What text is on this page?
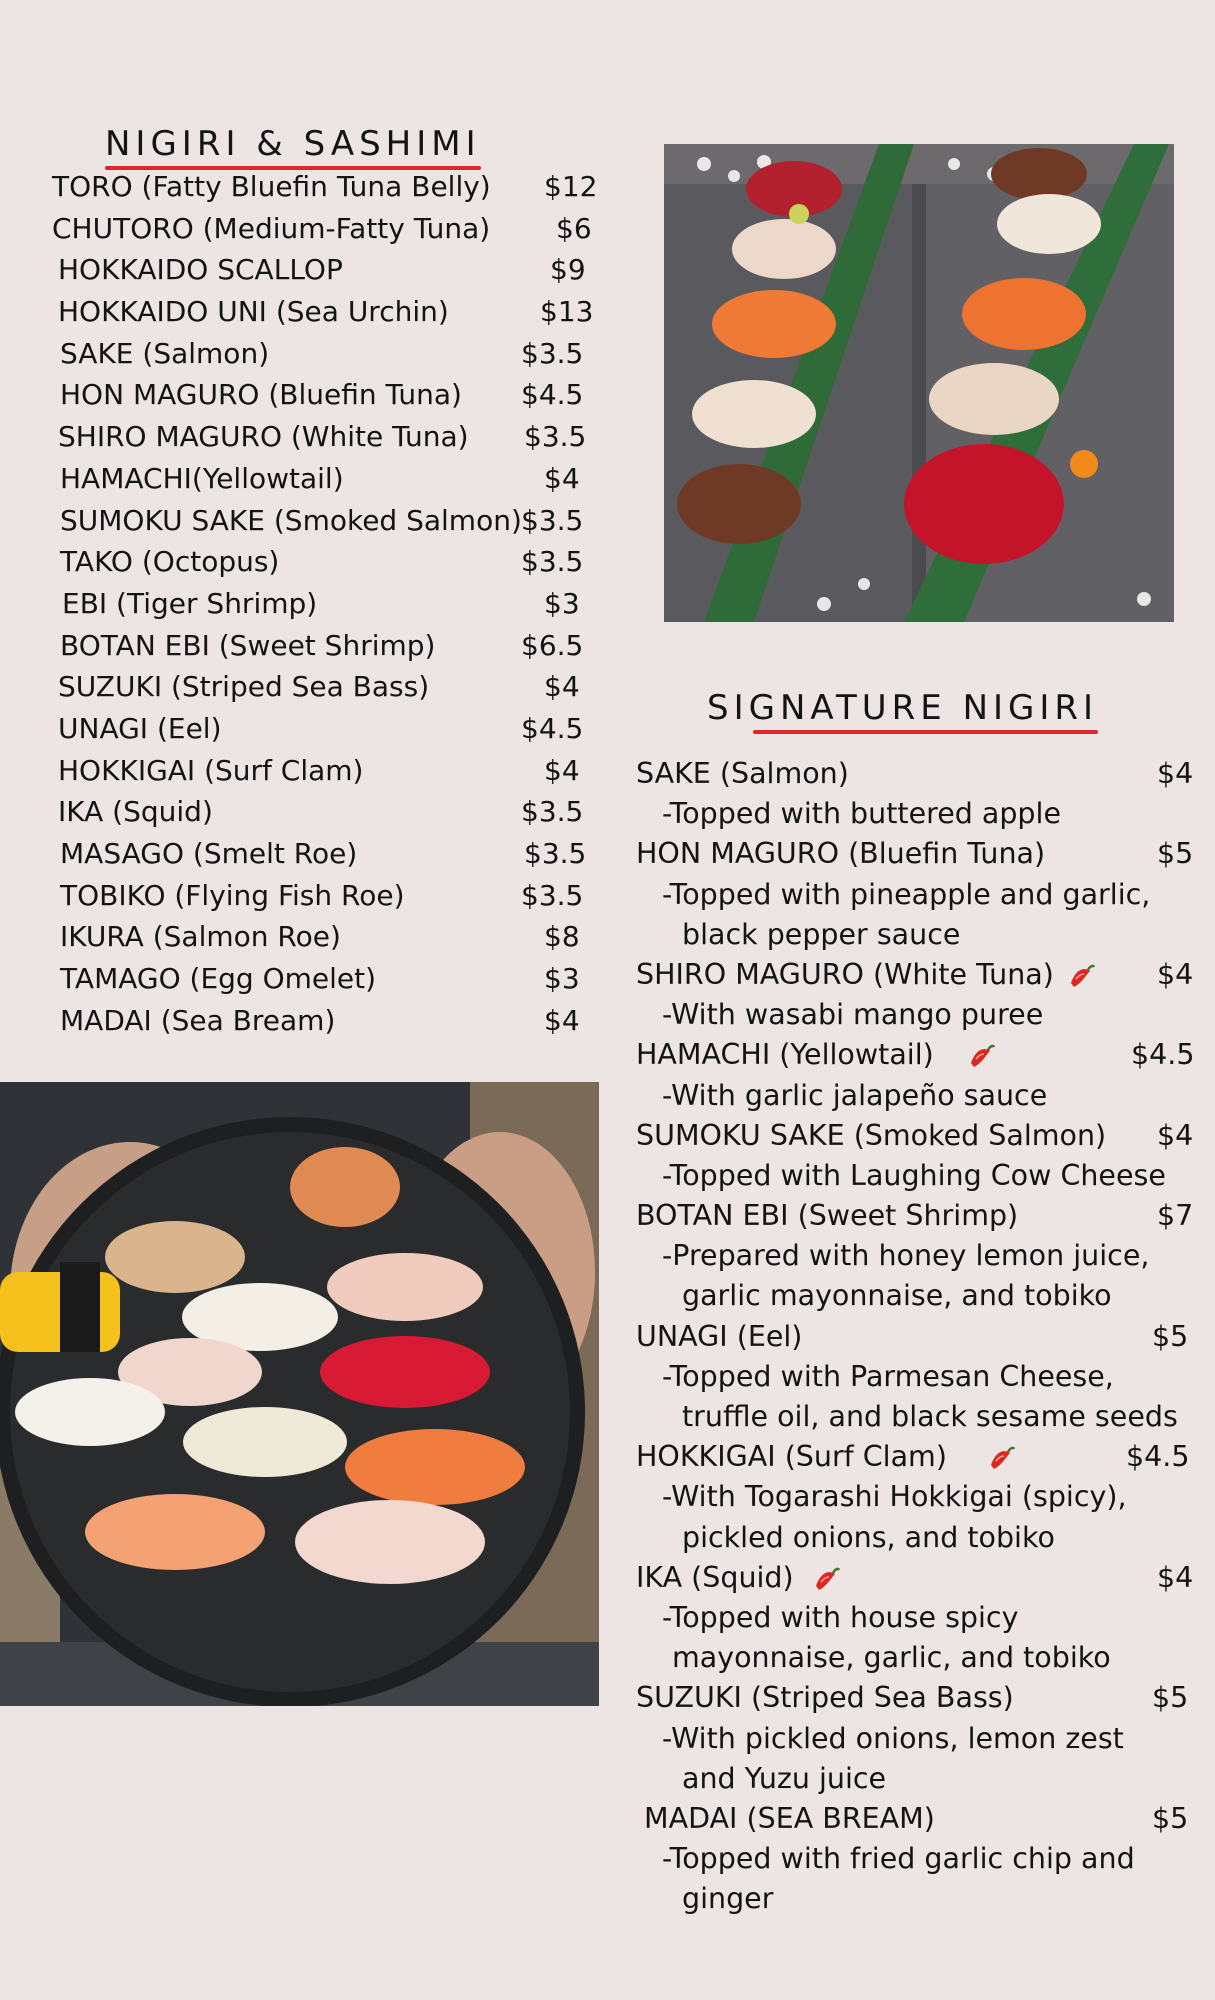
NIGIRI & SASHIMI
SIGNATURE NIGIRI
TORO (Fatty Bluefin Tuna Belly) $12
CHUTORO (Medium-Fatty Tuna) $6
HOKKAIDO SCALLOP	$9
HOKKAIDO UNI (Sea Urchin)	$13
SAKE (Salmon)	$3.5
HON MAGURO (Bluefin Tuna) $4.5
SHIRO MAGURO (White Tuna) $3.5
HAMACHI(Yellowtail)	$4
SUMOKU SAKE (Smoked Salmon) $3.5
TAKO (Octopus)	$3.5
EBI (Tiger Shrimp)	$3
BOTAN EBI (Sweet Shrimp)	$6.5
SUZUKI (Striped Sea Bass)	$4
UNAGI (Eel)	$4.5
HOKKIGAI (Surf Clam)	$4
IKA (Squid)	$3.5
MASAGO (Smelt Roe)	$3.5
TOBIKO (Flying Fish Roe)	$3.5
IKURA (Salmon Roe)	$8
TAMAGO (Egg Omelet)	$3
MADAI (Sea Bream)	$4
SAKE (Salmon)	$4
-Topped with buttered apple
HON MAGURO (Bluefin Tuna)	$5
-Topped with pineapple and garlic,
black pepper sauce
SHIRO MAGURO (White Tuna)	$4
-With wasabi mango puree
HAMACHI (Yellowtail)	$4.5
-With garlic jalapeño sauce
SUMOKU SAKE (Smoked Salmon) $4
-Topped with Laughing Cow Cheese
BOTAN EBI (Sweet Shrimp)	$7
-Prepared with honey lemon juice,
garlic mayonnaise, and tobiko
UNAGI (Eel)	$5
-Topped with Parmesan Cheese,
truffle oil, and black sesame seeds
HOKKIGAI (Surf Clam)	$4.5
-With Togarashi Hokkigai (spicy),
pickled onions, and tobiko
IKA (Squid)	$4
-Topped with house spicy
mayonnaise, garlic, and tobiko
SUZUKI (Striped Sea Bass)	$5
-With pickled onions, lemon zest
and Yuzu juice
MADAI (SEA BREAM)	$5
-Topped with fried garlic chip and
ginger
